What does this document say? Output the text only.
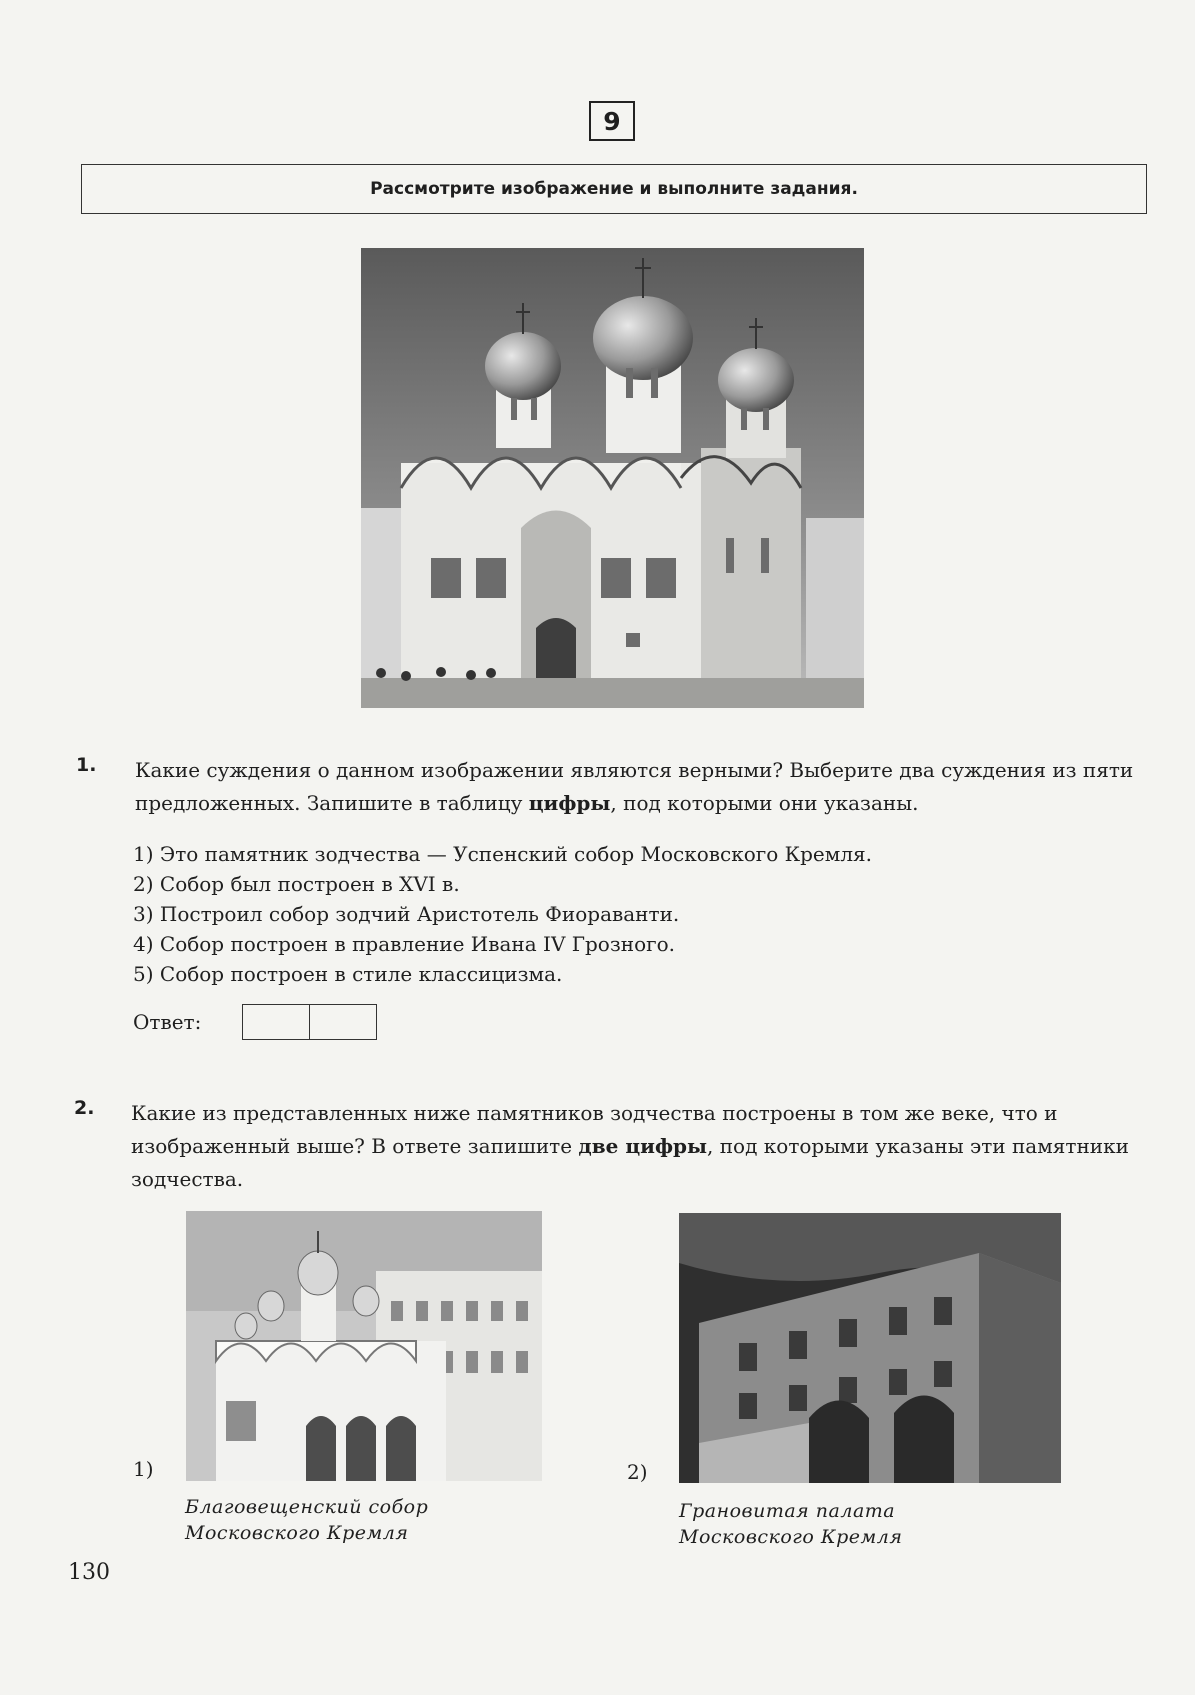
9
Рассмотрите изображение и выполните задания.
1. Какие суждения о данном изображении являются верными? Выберите два суждения из пяти предложенных. Запишите в таблицу цифры, под которыми они указаны.
1) Это памятник зодчества — Успенский собор Московского Кремля.
2) Собор был построен в XVI в.
3) Построил собор зодчий Аристотель Фиораванти.
4) Собор построен в правление Ивана IV Грозного.
5) Собор построен в стиле классицизма.
Ответ:
2. Какие из представленных ниже памятников зодчества построены в том же веке, что и изображенный выше? В ответе запишите две цифры, под которыми указаны эти памятники зодчества.
1)
Благовещенский собор
Московского Кремля
2)
Грановитая палата
Московского Кремля
130
